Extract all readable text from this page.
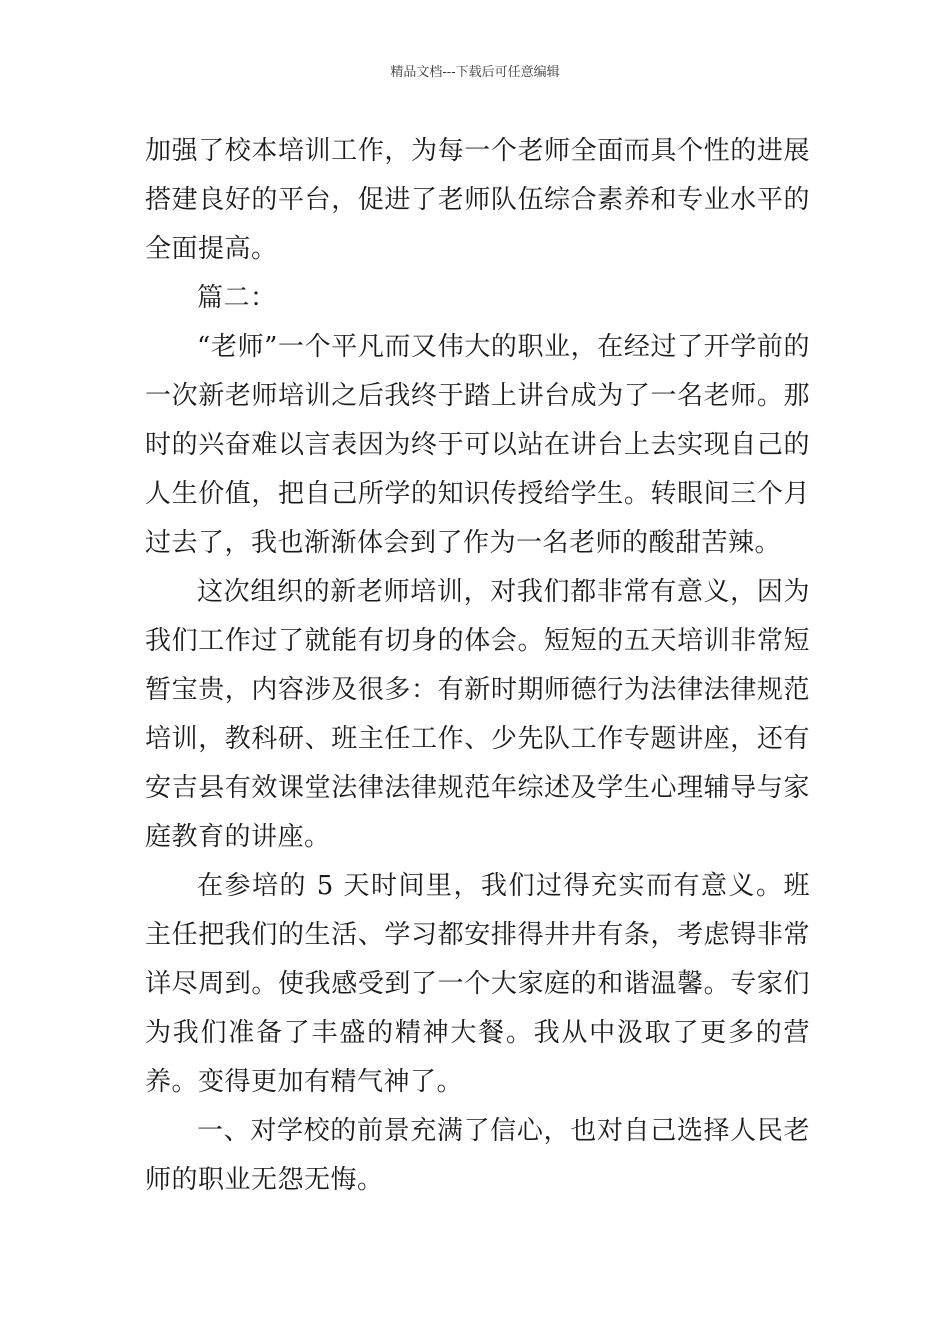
精品文档---下载后可任意编辑

加强了校本培训工作，为每一个老师全面而具个性的进展搭建良好的平台，促进了老师队伍综合素养和专业水平的全面提高。

篇二：

“老师”一个平凡而又伟大的职业，在经过了开学前的一次新老师培训之后我终于踏上讲台成为了一名老师。那时的兴奋难以言表因为终于可以站在讲台上去实现自己的人生价值，把自己所学的知识传授给学生。转眼间三个月过去了，我也渐渐体会到了作为一名老师的酸甜苦辣。

这次组织的新老师培训，对我们都非常有意义，因为我们工作过了就能有切身的体会。短短的五天培训非常短暂宝贵，内容涉及很多：有新时期师德行为法律法律规范培训，教科研、班主任工作、少先队工作专题讲座，还有安吉县有效课堂法律法律规范年综述及学生心理辅导与家庭教育的讲座。

在参培的 5 天时间里，我们过得充实而有意义。班主任把我们的生活、学习都安排得井井有条，考虑锝非常详尽周到。使我感受到了一个大家庭的和谐温馨。专家们为我们准备了丰盛的精神大餐。我从中汲取了更多的营养。变得更加有精气神了。

一、对学校的前景充满了信心，也对自己选择人民老师的职业无怨无悔。
